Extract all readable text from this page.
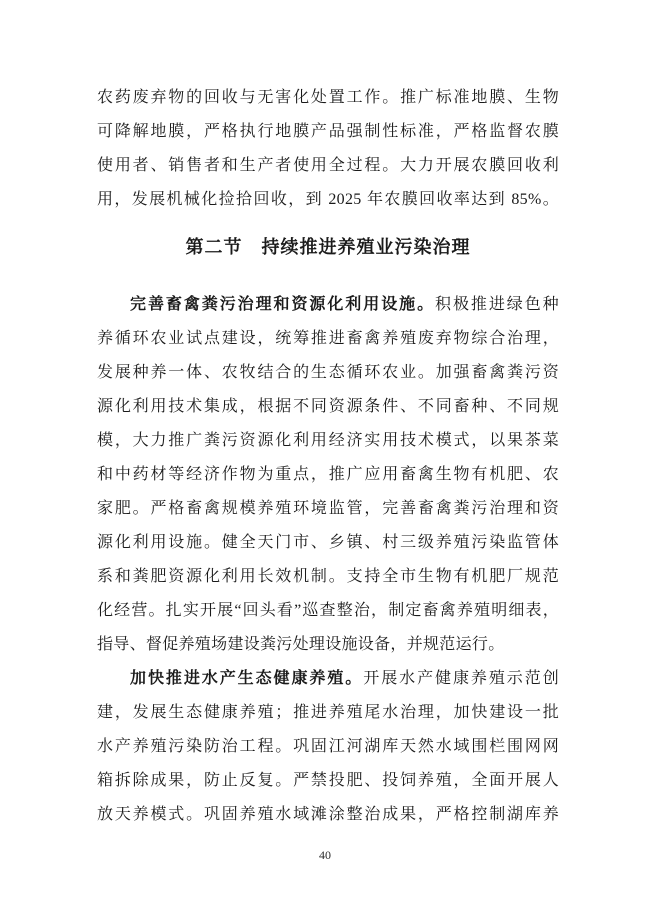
农药废弃物的回收与无害化处置工作。推广标准地膜、生物
可降解地膜，严格执行地膜产品强制性标准，严格监督农膜
使用者、销售者和生产者使用全过程。大力开展农膜回收利
用，发展机械化捡拾回收，到 2025 年农膜回收率达到 85%。
第二节　持续推进养殖业污染治理
完善畜禽粪污治理和资源化利用设施。积极推进绿色种
养循环农业试点建设，统筹推进畜禽养殖废弃物综合治理，
发展种养一体、农牧结合的生态循环农业。加强畜禽粪污资
源化利用技术集成，根据不同资源条件、不同畜种、不同规
模，大力推广粪污资源化利用经济实用技术模式，以果茶菜
和中药材等经济作物为重点，推广应用畜禽生物有机肥、农
家肥。严格畜禽规模养殖环境监管，完善畜禽粪污治理和资
源化利用设施。健全天门市、乡镇、村三级养殖污染监管体
系和粪肥资源化利用长效机制。支持全市生物有机肥厂规范
化经营。扎实开展“回头看”巡查整治，制定畜禽养殖明细表，
指导、督促养殖场建设粪污处理设施设备，并规范运行。
加快推进水产生态健康养殖。开展水产健康养殖示范创
建，发展生态健康养殖；推进养殖尾水治理，加快建设一批
水产养殖污染防治工程。巩固江河湖库天然水域围栏围网网
箱拆除成果，防止反复。严禁投肥、投饲养殖，全面开展人
放天养模式。巩固养殖水域滩涂整治成果，严格控制湖库养
40
